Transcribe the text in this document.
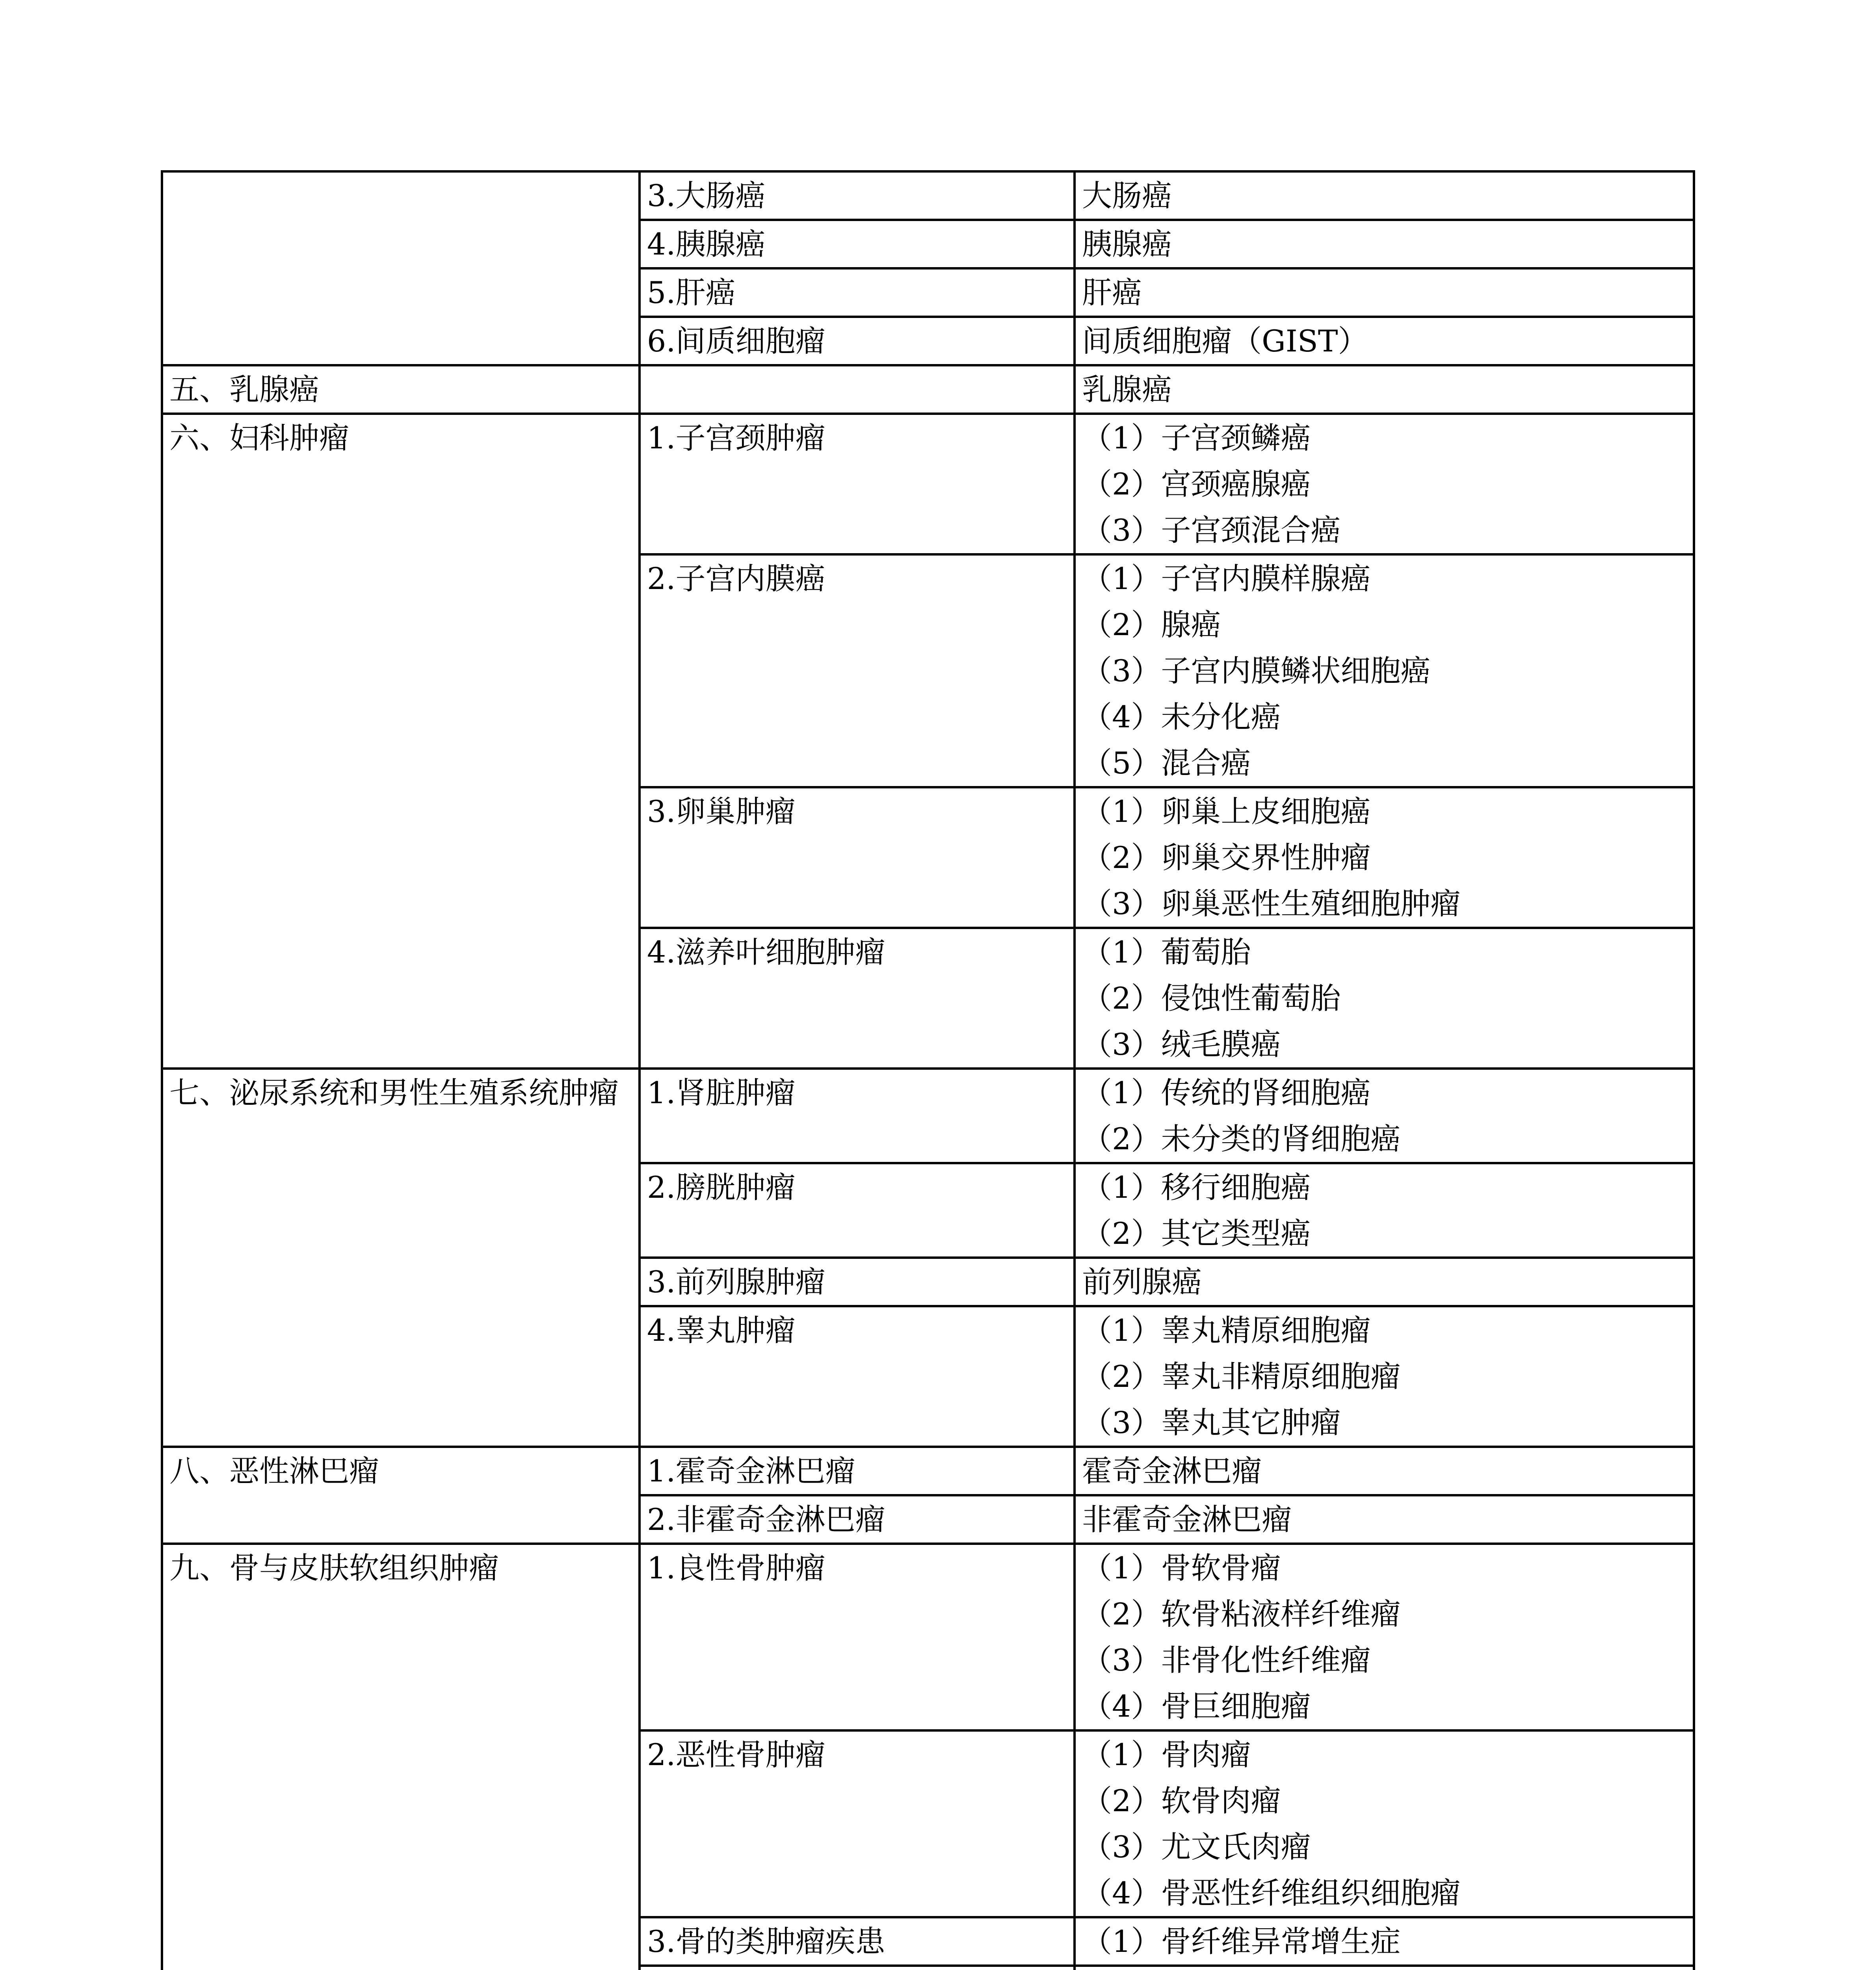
	3.大肠癌	大肠癌

	4.胰腺癌	胰腺癌

	5.肝癌	肝癌

	6.间质细胞瘤	间质细胞瘤（GIST）

五、乳腺癌		乳腺癌

六、妇科肿瘤	1.子宫颈肿瘤	（1）子宫颈鳞癌
（2）宫颈癌腺癌
（3）子宫颈混合癌

	2.子宫内膜癌	（1）子宫内膜样腺癌
（2）腺癌
（3）子宫内膜鳞状细胞癌
（4）未分化癌
（5）混合癌

	3.卵巢肿瘤	（1）卵巢上皮细胞癌
（2）卵巢交界性肿瘤
（3）卵巢恶性生殖细胞肿瘤

	4.滋养叶细胞肿瘤	（1）葡萄胎
（2）侵蚀性葡萄胎
（3）绒毛膜癌

七、泌尿系统和男性生殖系统肿瘤	1.肾脏肿瘤	（1）传统的肾细胞癌
（2）未分类的肾细胞癌

	2.膀胱肿瘤	（1）移行细胞癌
（2）其它类型癌

	3.前列腺肿瘤	前列腺癌

	4.睾丸肿瘤	（1）睾丸精原细胞瘤
（2）睾丸非精原细胞瘤
（3）睾丸其它肿瘤

八、恶性淋巴瘤	1.霍奇金淋巴瘤	霍奇金淋巴瘤

	2.非霍奇金淋巴瘤	非霍奇金淋巴瘤

九、骨与皮肤软组织肿瘤	1.良性骨肿瘤	（1）骨软骨瘤
（2）软骨粘液样纤维瘤
（3）非骨化性纤维瘤
（4）骨巨细胞瘤

	2.恶性骨肿瘤	（1）骨肉瘤
（2）软骨肉瘤
（3）尤文氏肉瘤
（4）骨恶性纤维组织细胞瘤

	3.骨的类肿瘤疾患	（1）骨纤维异常增生症
